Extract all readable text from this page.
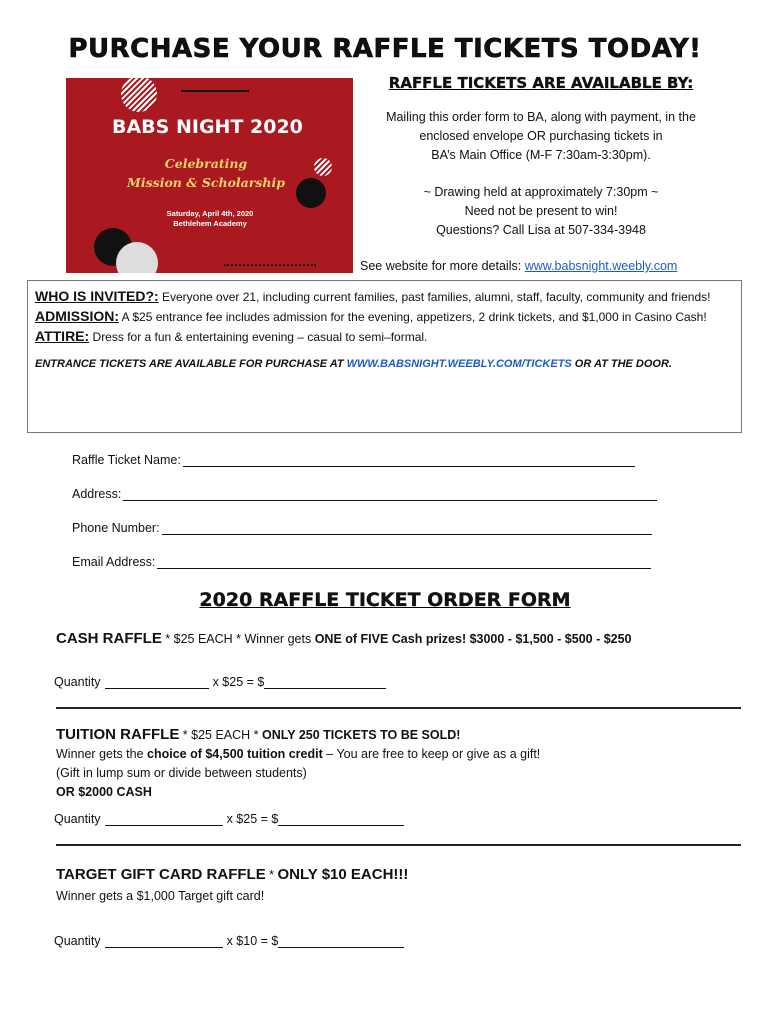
PURCHASE YOUR RAFFLE TICKETS TODAY!
BABS NIGHT 2020
Celebrating
Mission & Scholarship
Saturday, April 4th, 2020
Bethlehem Academy
RAFFLE TICKETS ARE AVAILABLE BY:
Mailing this order form to BA, along with payment, in the
enclosed envelope OR purchasing tickets in
BA’s Main Office (M-F 7:30am-3:30pm).
~ Drawing held at approximately 7:30pm ~
Need not be present to win!
Questions? Call Lisa at 507-334-3948
See website for more details: www.babsnight.weebly.com

WHO IS INVITED?: Everyone over 21, including current families, past families, alumni, staff, faculty, community and friends!

ADMISSION: A $25 entrance fee includes admission for the evening, appetizers, 2 drink tickets, and $1,000 in Casino Cash!

ATTIRE: Dress for a fun & entertaining evening – casual to semi–formal.

ENTRANCE TICKETS ARE AVAILABLE FOR PURCHASE AT WWW.BABSNIGHT.WEEBLY.COM/TICKETS OR AT THE DOOR.

Raffle Ticket Name:
Address:
Phone Number:
Email Address:
2020 RAFFLE TICKET ORDER FORM
CASH RAFFLE * $25 EACH * Winner gets ONE of FIVE Cash prizes! $3000 - $1,500 - $500 - $250
Quantity	x $25 = $
TUITION RAFFLE * $25 EACH * ONLY 250 TICKETS TO BE SOLD!
Winner gets the choice of $4,500 tuition credit – You are free to keep or give as a gift!
(Gift in lump sum or divide between students)
OR $2000 CASH
Quantity	x $25 = $
TARGET GIFT CARD RAFFLE * ONLY $10 EACH!!!
Winner gets a $1,000 Target gift card!
Quantity	x $10 = $
